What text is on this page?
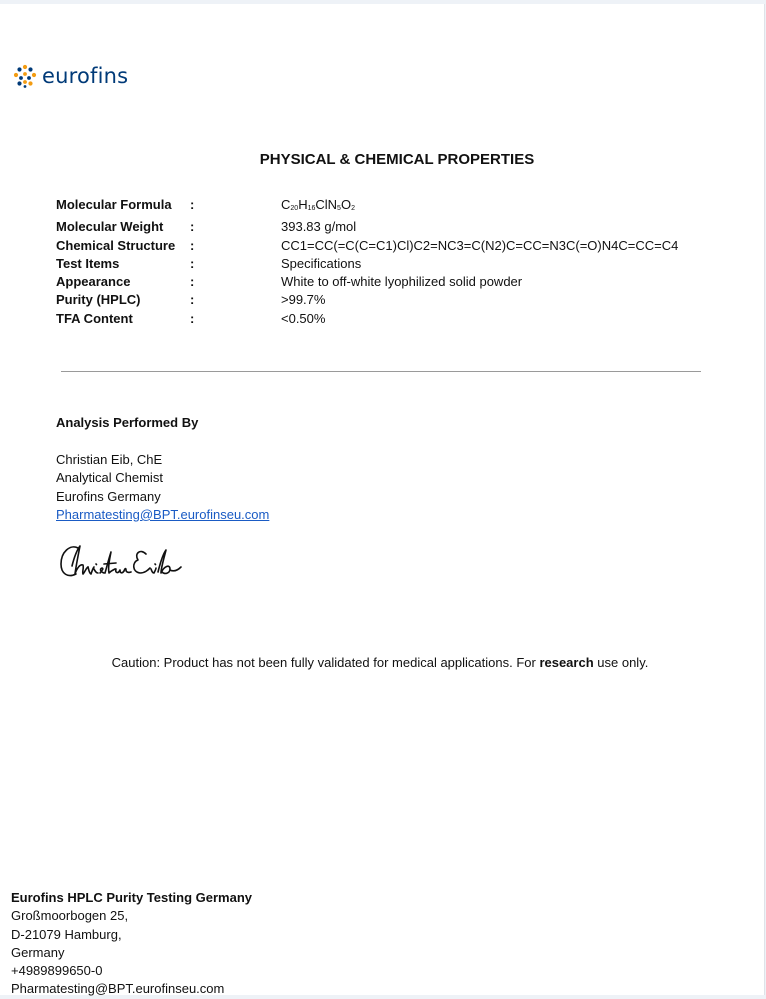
eurofins
PHYSICAL & CHEMICAL PROPERTIES
Molecular Formula	:	$C_{20}H_{16}ClN_5O_2$
Molecular Weight	:	393.83 g/mol
Chemical Structure	:	CC1=CC(=C(C=C1)Cl)C2=NC3=C(N2)C=CC=N3C(=O)N4C=CC=C4
Test Items	:	Specifications
Appearance	:	White to off-white lyophilized solid powder
Purity (HPLC)	:	>99.7%
TFA Content	:	<0.50%
Analysis Performed By
Christian Eib, ChE
Analytical Chemist
Eurofins Germany
Pharmatesting@BPT.eurofinseu.com
Caution: Product has not been fully validated for medical applications. For research use only.
Eurofins HPLC Purity Testing Germany
Großmoorbogen 25,
D-21079 Hamburg,
Germany
+4989899650-0
Pharmatesting@BPT.eurofinseu.com
